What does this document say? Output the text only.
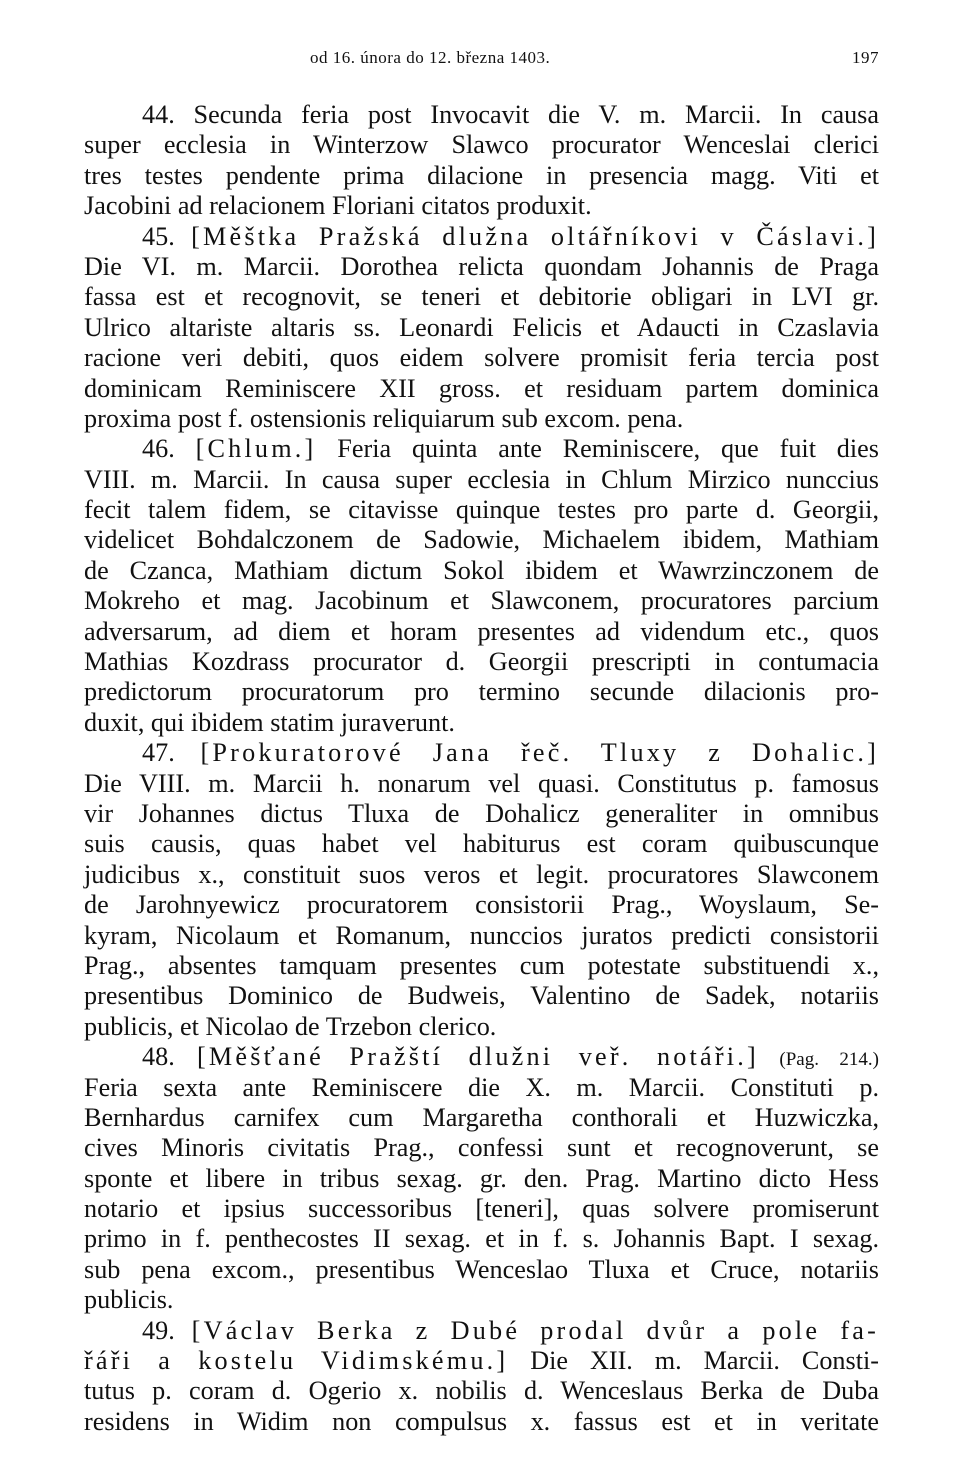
od 16. února do 12. března 1403.	197
44. Secunda feria post Invocavit die V. m. Marcii. In causa
super ecclesia in Winterzow Slawco procurator Wenceslai clerici
tres testes pendente prima dilacione in presencia magg. Viti et
Jacobini ad relacionem Floriani citatos produxit.
45. [Měštka Pražská dlužna oltářníkovi v Čáslavi.]
Die VI. m. Marcii. Dorothea relicta quondam Johannis de Praga
fassa est et recognovit, se teneri et debitorie obligari in LVI gr.
Ulrico altariste altaris ss. Leonardi Felicis et Adaucti in Czaslavia
racione veri debiti, quos eidem solvere promisit feria tercia post
dominicam Reminiscere XII gross. et residuam partem dominica
proxima post f. ostensionis reliquiarum sub excom. pena.
46. [Chlum.] Feria quinta ante Reminiscere, que fuit dies
VIII. m. Marcii. In causa super ecclesia in Chlum Mirzico nunccius
fecit talem fidem, se citavisse quinque testes pro parte d. Georgii,
videlicet Bohdalczonem de Sadowie, Michaelem ibidem, Mathiam
de Czanca, Mathiam dictum Sokol ibidem et Wawrzinczonem de
Mokreho et mag. Jacobinum et Slawconem, procuratores parcium
adversarum, ad diem et horam presentes ad videndum etc., quos
Mathias Kozdrass procurator d. Georgii prescripti in contumacia
predictorum procuratorum pro termino secunde dilacionis pro-
duxit, qui ibidem statim juraverunt.
47. [Prokuratorové Jana řeč. Tluxy z Dohalic.]
Die VIII. m. Marcii h. nonarum vel quasi. Constitutus p. famosus
vir Johannes dictus Tluxa de Dohalicz generaliter in omnibus
suis causis, quas habet vel habiturus est coram quibuscunque
judicibus x., constituit suos veros et legit. procuratores Slawconem
de Jarohnyewicz procuratorem consistorii Prag., Woyslaum, Se-
kyram, Nicolaum et Romanum, nunccios juratos predicti consistorii
Prag., absentes tamquam presentes cum potestate substituendi x.,
presentibus Dominico de Budweis, Valentino de Sadek, notariis
publicis, et Nicolao de Trzebon clerico.
48. [Měšťané Pražští dlužni veř. notáři.] (Pag. 214.)
Feria sexta ante Reminiscere die X. m. Marcii. Constituti p.
Bernhardus carnifex cum Margaretha conthorali et Huzwiczka,
cives Minoris civitatis Prag., confessi sunt et recognoverunt, se
sponte et libere in tribus sexag. gr. den. Prag. Martino dicto Hess
notario et ipsius successoribus [teneri], quas solvere promiserunt
primo in f. penthecostes II sexag. et in f. s. Johannis Bapt. I sexag.
sub pena excom., presentibus Wenceslao Tluxa et Cruce, notariis
publicis.
49. [Václav Berka z Dubé prodal dvůr a pole fa-
řáři a kostelu Vidimskému.] Die XII. m. Marcii. Consti-
tutus p. coram d. Ogerio x. nobilis d. Wenceslaus Berka de Duba
residens in Widim non compulsus x. fassus est et in veritate
